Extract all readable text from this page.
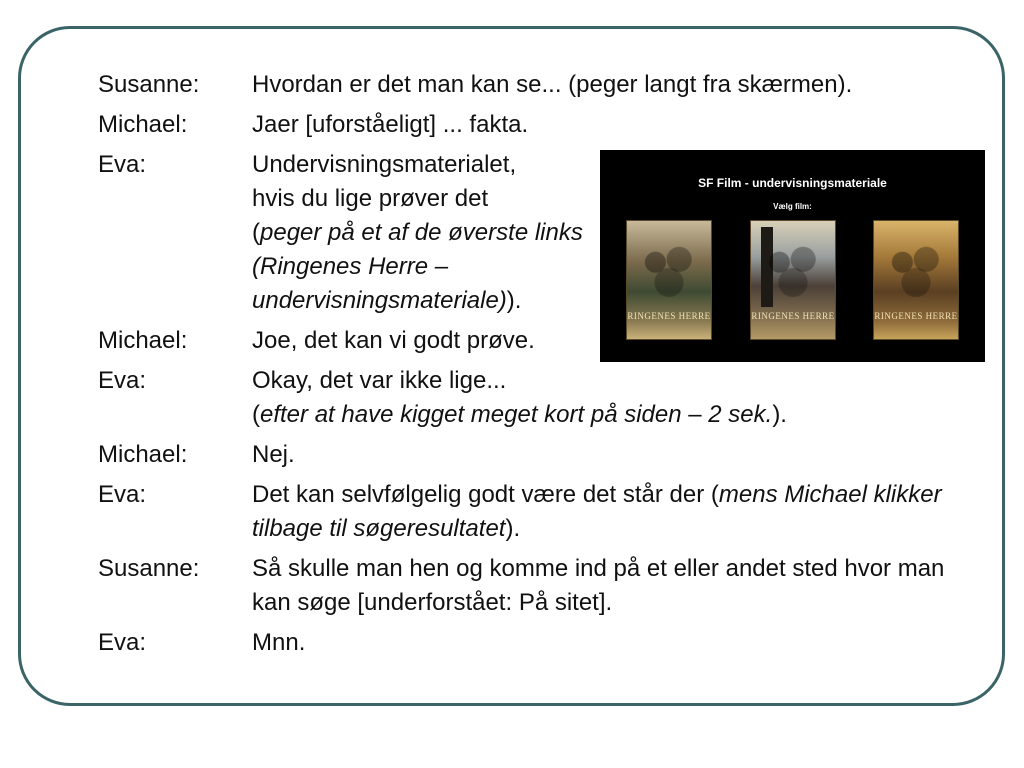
Susanne:	Hvordan er det man kan se... (peger langt fra skærmen).
Michael:	Jaer [uforståeligt] ... fakta.
Eva:	Undervisningsmaterialet,
hvis du lige prøver det
(peger på et af de øverste links (Ringenes Herre – undervisningsmateriale)).
Michael:	Joe, det kan vi godt prøve.
Eva:	Okay, det var ikke lige...
(efter at have kigget meget kort på siden – 2 sek.).
Michael:	Nej.
Eva:	Det kan selvfølgelig godt være det står der (mens Michael klikker tilbage til søgeresultatet).
Susanne:	Så skulle man hen og komme ind på et eller andet sted hvor man kan søge [underforstået: På sitet].
Eva:	Mnn.
SF Film - undervisningsmateriale
Vælg film:
RINGENES HERRE	RINGENES HERRE	RINGENES HERRE
